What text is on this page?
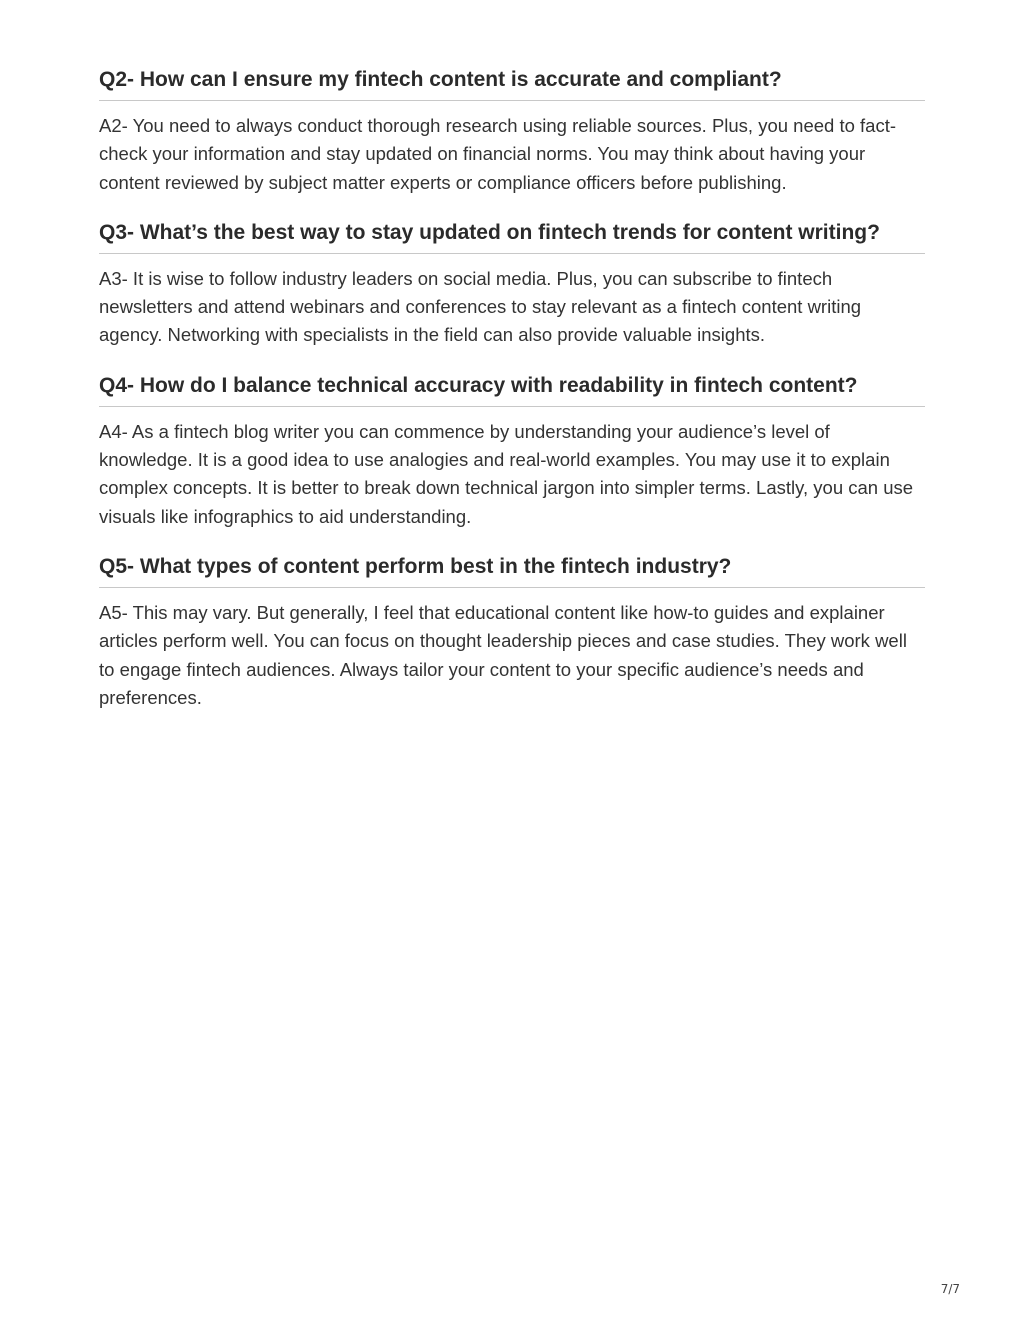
Q2- How can I ensure my fintech content is accurate and compliant?

A2- You need to always conduct thorough research using reliable sources. Plus, you need to fact-check your information and stay updated on financial norms. You may think about having your content reviewed by subject matter experts or compliance officers before publishing.

Q3- What’s the best way to stay updated on fintech trends for content writing?

A3- It is wise to follow industry leaders on social media. Plus, you can subscribe to fintech newsletters and attend webinars and conferences to stay relevant as a fintech content writing agency. Networking with specialists in the field can also provide valuable insights.

Q4- How do I balance technical accuracy with readability in fintech content?

A4- As a fintech blog writer you can commence by understanding your audience’s level of knowledge. It is a good idea to use analogies and real-world examples. You may use it to explain complex concepts. It is better to break down technical jargon into simpler terms. Lastly, you can use visuals like infographics to aid understanding.

Q5- What types of content perform best in the fintech industry?

A5- This may vary. But generally, I feel that educational content like how-to guides and explainer articles perform well. You can focus on thought leadership pieces and case studies. They work well to engage fintech audiences. Always tailor your content to your specific audience’s needs and preferences.

7/7
